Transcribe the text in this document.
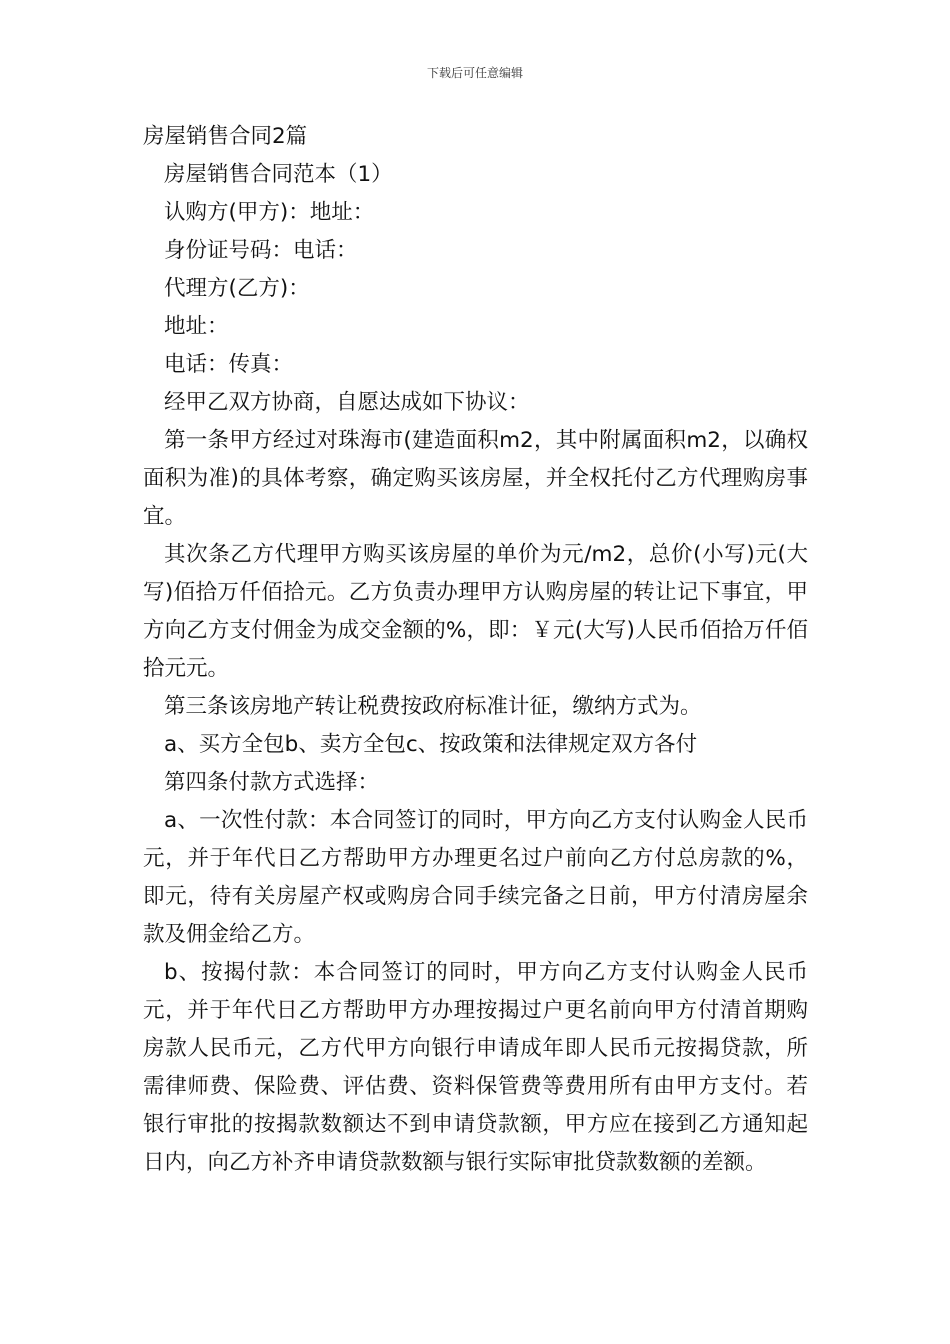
下载后可任意编辑

房屋销售合同2篇

房屋销售合同范本（1）

认购方(甲方)：地址：

身份证号码：电话：

代理方(乙方)：

地址：

电话：传真：

经甲乙双方协商，自愿达成如下协议：

第一条甲方经过对珠海市(建造面积m2，其中附属面积m2，以确权面积为准)的具体考察，确定购买该房屋，并全权托付乙方代理购房事宜。

其次条乙方代理甲方购买该房屋的单价为元/m2，总价(小写)元(大写)佰拾万仟佰拾元。乙方负责办理甲方认购房屋的转让记下事宜，甲方向乙方支付佣金为成交金额的%，即：￥元(大写)人民币佰拾万仟佰拾元元。

第三条该房地产转让税费按政府标准计征，缴纳方式为。

a、买方全包b、卖方全包c、按政策和法律规定双方各付

第四条付款方式选择：

a、一次性付款：本合同签订的同时，甲方向乙方支付认购金人民币元，并于年代日乙方帮助甲方办理更名过户前向乙方付总房款的%，即元，待有关房屋产权或购房合同手续完备之日前，甲方付清房屋余款及佣金给乙方。

b、按揭付款：本合同签订的同时，甲方向乙方支付认购金人民币元，并于年代日乙方帮助甲方办理按揭过户更名前向甲方付清首期购房款人民币元，乙方代甲方向银行申请成年即人民币元按揭贷款，所需律师费、保险费、评估费、资料保管费等费用所有由甲方支付。若银行审批的按揭款数额达不到申请贷款额，甲方应在接到乙方通知起日内，向乙方补齐申请贷款数额与银行实际审批贷款数额的差额。
